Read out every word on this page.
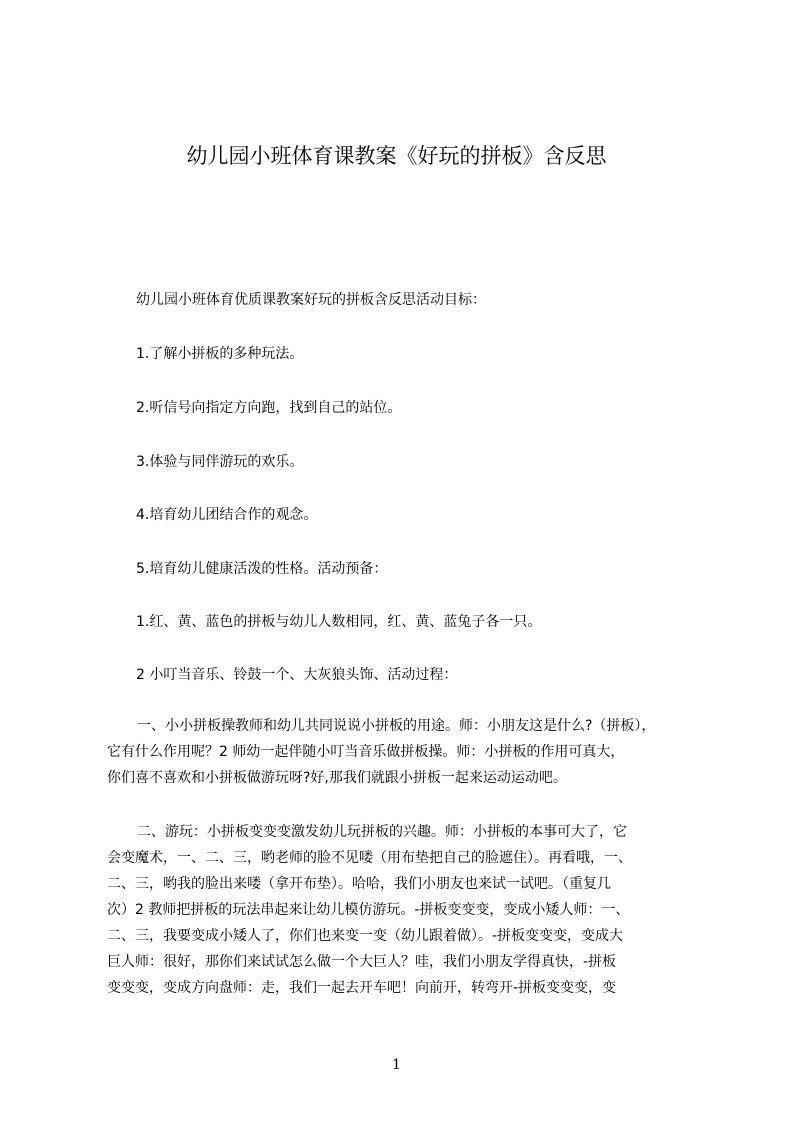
幼儿园小班体育课教案《好玩的拼板》含反思
幼儿园小班体育优质课教案好玩的拼板含反思活动目标：
1.了解小拼板的多种玩法。
2.听信号向指定方向跑，找到自己的站位。
3.体验与同伴游玩的欢乐。
4.培育幼儿团结合作的观念。
5.培育幼儿健康活泼的性格。活动预备：
1.红、黄、蓝色的拼板与幼儿人数相同，红、黄、蓝兔子各一只。
2 小叮当音乐、铃鼓一个、大灰狼头饰、活动过程：
一、小小拼板操教师和幼儿共同说说小拼板的用途。师：小朋友这是什么?（拼板），
它有什么作用呢？2 师幼一起伴随小叮当音乐做拼板操。师：小拼板的作用可真大，
你们喜不喜欢和小拼板做游玩呀?好,那我们就跟小拼板一起来运动运动吧。
二、游玩：小拼板变变变激发幼儿玩拼板的兴趣。师：小拼板的本事可大了，它
会变魔术，一、二、三，哟老师的脸不见喽（用布垫把自己的脸遮住）。再看哦，一、
二、三，哟我的脸出来喽（拿开布垫）。哈哈，我们小朋友也来试一试吧。（重复几
次）2 教师把拼板的玩法串起来让幼儿模仿游玩。-拼板变变变，变成小矮人师：一、
二、三，我要变成小矮人了，你们也来变一变（幼儿跟着做）。-拼板变变变，变成大
巨人师：很好，那你们来试试怎么做一个大巨人？哇，我们小朋友学得真快，-拼板
变变变，变成方向盘师：走，我们一起去开车吧！向前开，转弯开-拼板变变变，变
1
